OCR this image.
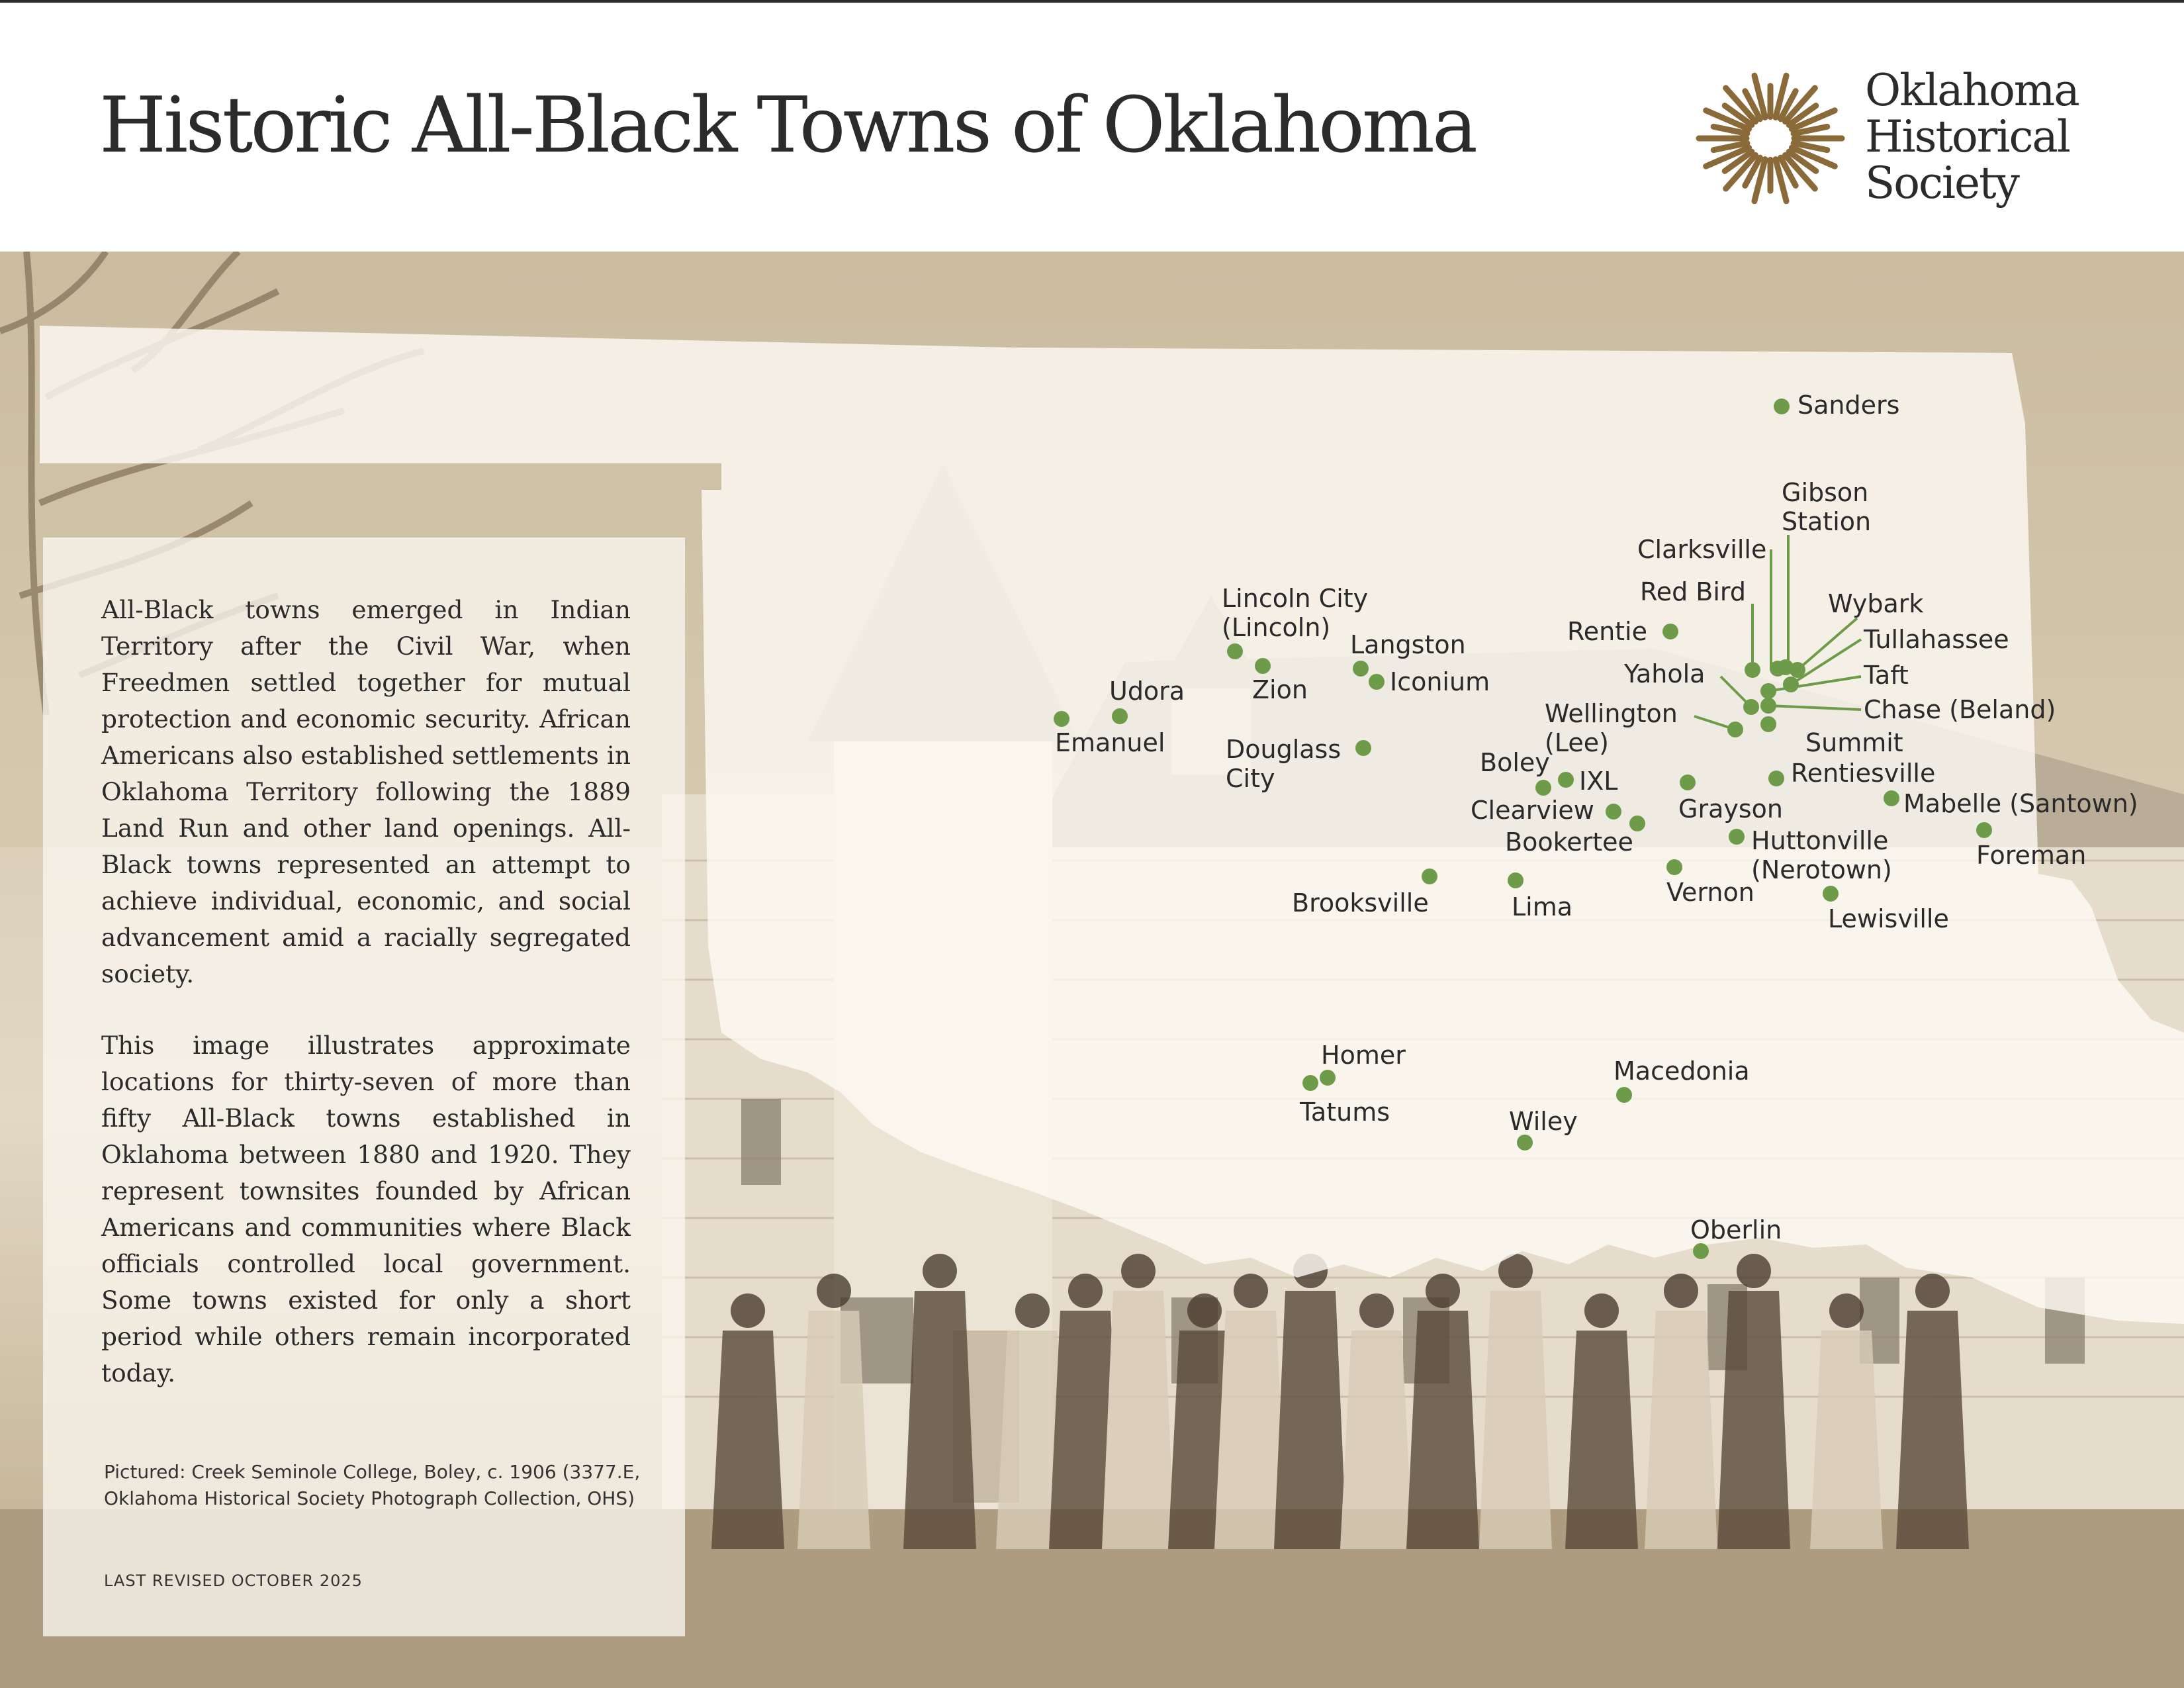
Historic All-Black Towns of Oklahoma	Oklahoma
Historical
Society

All-Black towns emerged in Indian Territory after the Civil War, when Freedmen settled together for mutual protection and economic security. African Americans also established settlements in Oklahoma Territory following the 1889 Land Run and other land openings. All-Black towns represented an attempt to achieve individual, economic, and social advancement amid a racially segregated society.

This image illustrates approximate locations for thirty-seven of more than fifty All-Black towns established in Oklahoma between 1880 and 1920. They represent townsites founded by African Americans and communities where Black officials controlled local government. Some towns existed for only a short period while others remain incorporated today.

Pictured: Creek Seminole College, Boley, c. 1906 (3377.E, Oklahoma Historical Society Photograph Collection, OHS)
LAST REVISED OCTOBER 2025
Sanders
Gibson
Station
Clarksville
Red Bird	Wybark
Tullahassee
Rentie
Yahola	Taft
Chase (Beland)
Wellington
(Lee)	Summit
Rentiesville
Mabelle (Santown)
Foreman
Lincoln City
(Lincoln)
Zion
Langston
Iconium
Udora
Emanuel Douglass
City
Boley
IXL
Clearview
Bookertee
Grayson
Huttonville
(Nerotown)
Vernon
Lewisville
Brooksville	Lima
Homer
Tatums
Macedonia
Wiley
Oberlin
